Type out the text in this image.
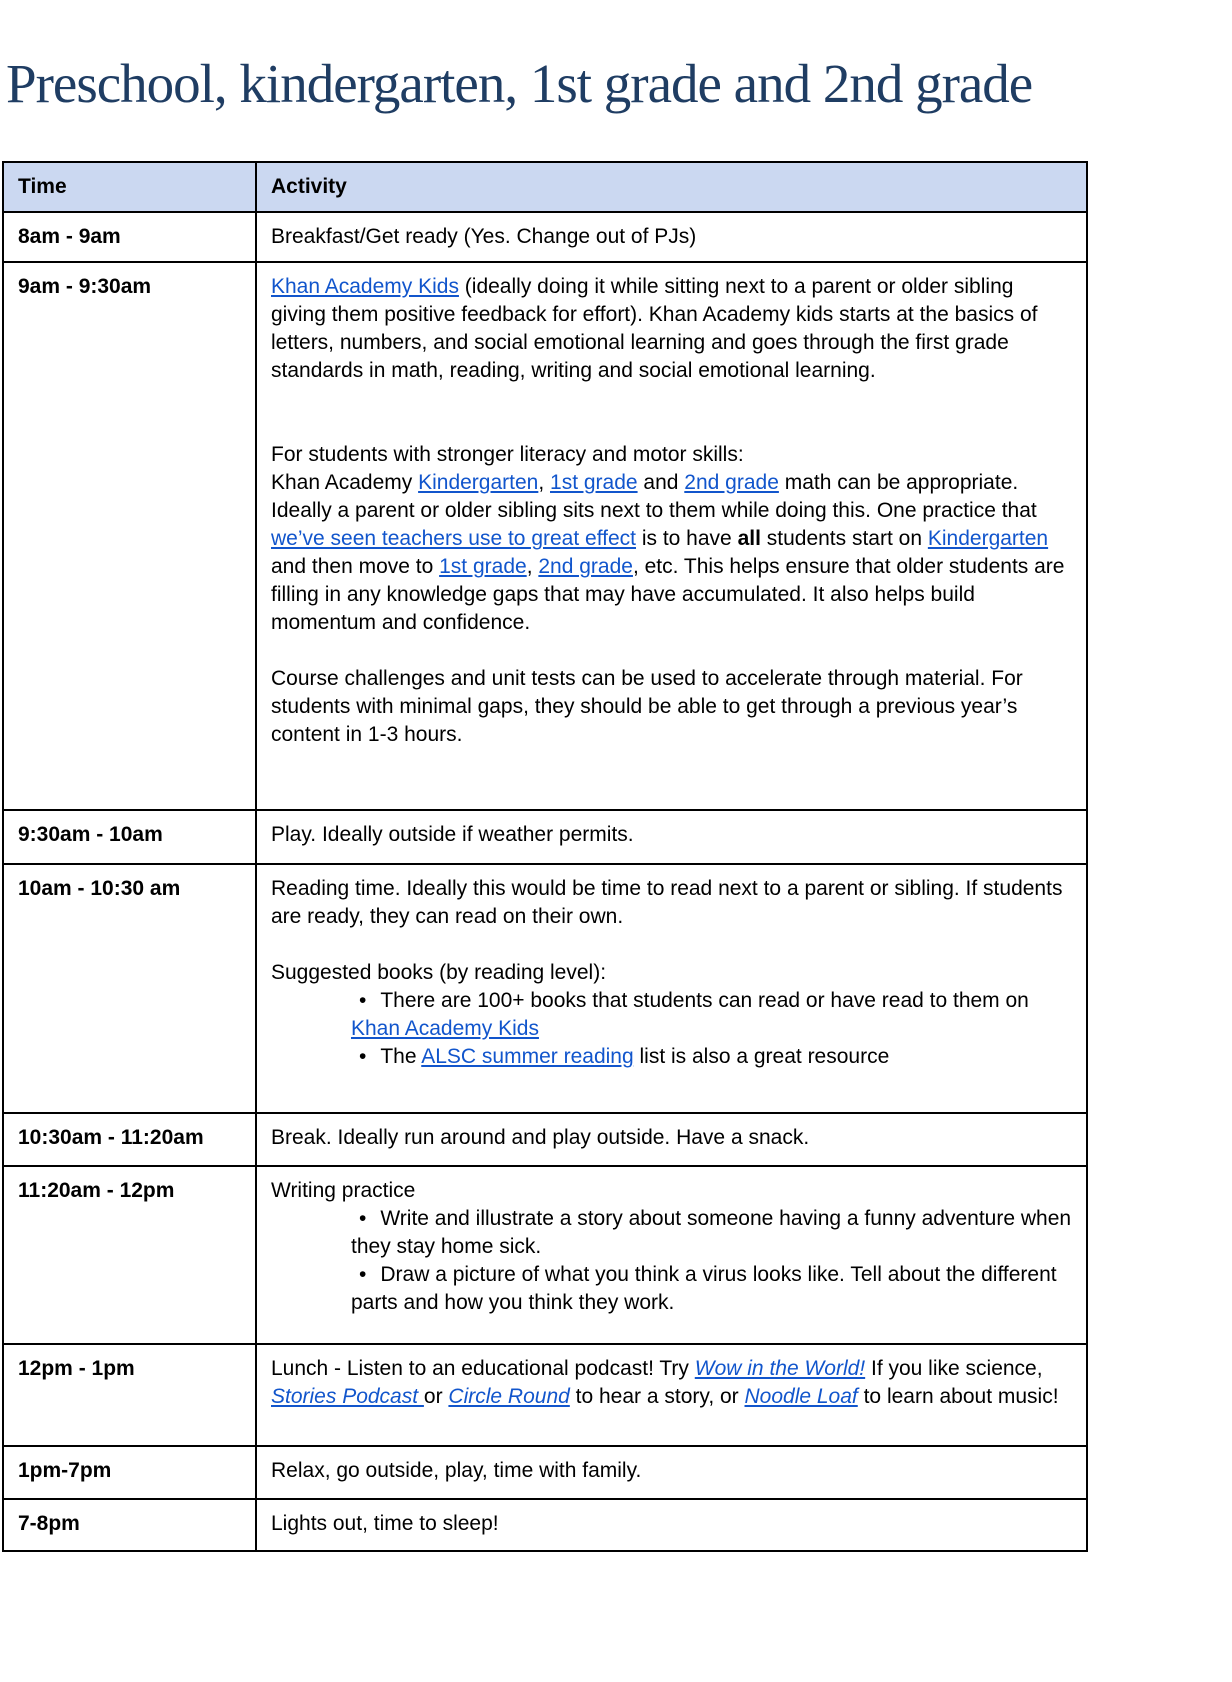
Preschool, kindergarten, 1st grade and 2nd grade
Time	Activity
8am - 9am	Breakfast/Get ready (Yes. Change out of PJs)

9am - 9:30am	Khan Academy Kids (ideally doing it while sitting next to a parent or older sibling giving them positive feedback for effort). Khan Academy kids starts at the basics of letters, numbers, and social emotional learning and goes through the first grade standards in math, reading, writing and social emotional learning.

For students with stronger literacy and motor skills:

Khan Academy Kindergarten, 1st grade and 2nd grade math can be appropriate. Ideally a parent or older sibling sits next to them while doing this. One practice that we’ve seen teachers use to great effect is to have all students start on Kindergarten and then move to 1st grade, 2nd grade, etc. This helps ensure that older students are filling in any knowledge gaps that may have accumulated. It also helps build momentum and confidence.

Course challenges and unit tests can be used to accelerate through material. For students with minimal gaps, they should be able to get through a previous year’s content in 1-3 hours.

9:30am - 10am	Play. Ideally outside if weather permits.

10am - 10:30 am	Reading time. Ideally this would be time to read next to a parent or sibling. If students are ready, they can read on their own.

Suggested books (by reading level):

• There are 100+ books that students can read or have read to them on Khan Academy Kids

• The ALSC summer reading list is also a great resource

10:30am - 11:20am	Break. Ideally run around and play outside. Have a snack.

11:20am - 12pm	Writing practice

• Write and illustrate a story about someone having a funny adventure when they stay home sick.

• Draw a picture of what you think a virus looks like. Tell about the different parts and how you think they work.

12pm - 1pm	Lunch - Listen to an educational podcast! Try Wow in the World! If you like science, Stories Podcast or Circle Round to hear a story, or Noodle Loaf to learn about music!

1pm-7pm	Relax, go outside, play, time with family.

7-8pm	Lights out, time to sleep!
